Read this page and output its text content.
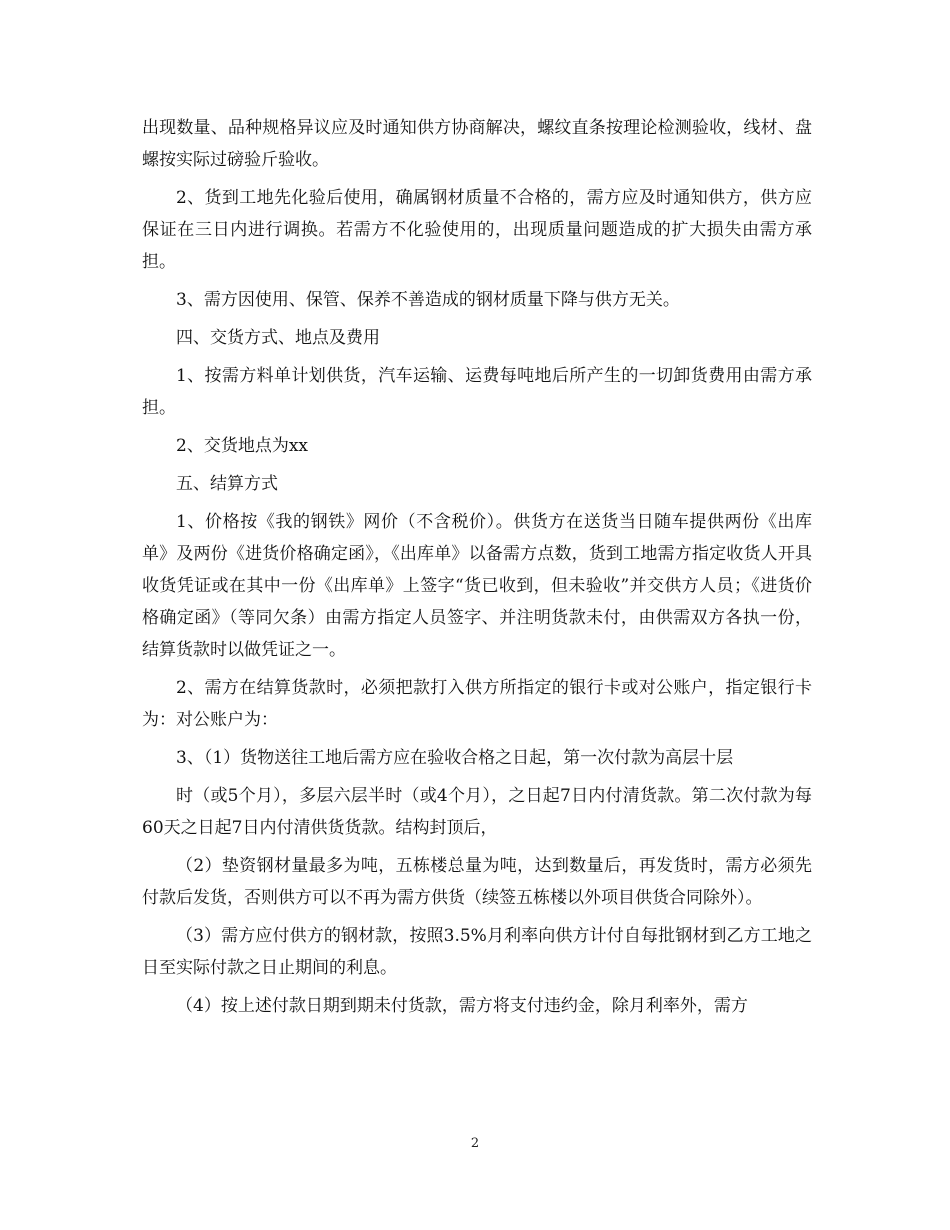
出现数量、品种规格异议应及时通知供方协商解决，螺纹直条按理论检测验收，线材、盘螺按实际过磅验斤验收。

2、货到工地先化验后使用，确属钢材质量不合格的，需方应及时通知供方，供方应保证在三日内进行调换。若需方不化验使用的，出现质量问题造成的扩大损失由需方承担。

3、需方因使用、保管、保养不善造成的钢材质量下降与供方无关。

四、交货方式、地点及费用

1、按需方料单计划供货，汽车运输、运费每吨地后所产生的一切卸货费用由需方承担。

2、交货地点为xx

五、结算方式

1、价格按《我的钢铁》网价（不含税价）。供货方在送货当日随车提供两份《出库单》及两份《进货价格确定函》，《出库单》以备需方点数，货到工地需方指定收货人开具收货凭证或在其中一份《出库单》上签字“货已收到，但未验收”并交供方人员；《进货价格确定函》（等同欠条）由需方指定人员签字、并注明货款未付，由供需双方各执一份，结算货款时以做凭证之一。

2、需方在结算货款时，必须把款打入供方所指定的银行卡或对公账户，指定银行卡为：对公账户为：

3、（1）货物送往工地后需方应在验收合格之日起，第一次付款为高层十层

时（或5个月），多层六层半时（或4个月），之日起7日内付清货款。第二次付款为每60天之日起7日内付清供货货款。结构封顶后，

（2）垫资钢材量最多为吨，五栋楼总量为吨，达到数量后，再发货时，需方必须先付款后发货，否则供方可以不再为需方供货（续签五栋楼以外项目供货合同除外）。

（3）需方应付供方的钢材款，按照3.5%月利率向供方计付自每批钢材到乙方工地之日至实际付款之日止期间的利息。

（4）按上述付款日期到期未付货款，需方将支付违约金，除月利率外，需方

2
